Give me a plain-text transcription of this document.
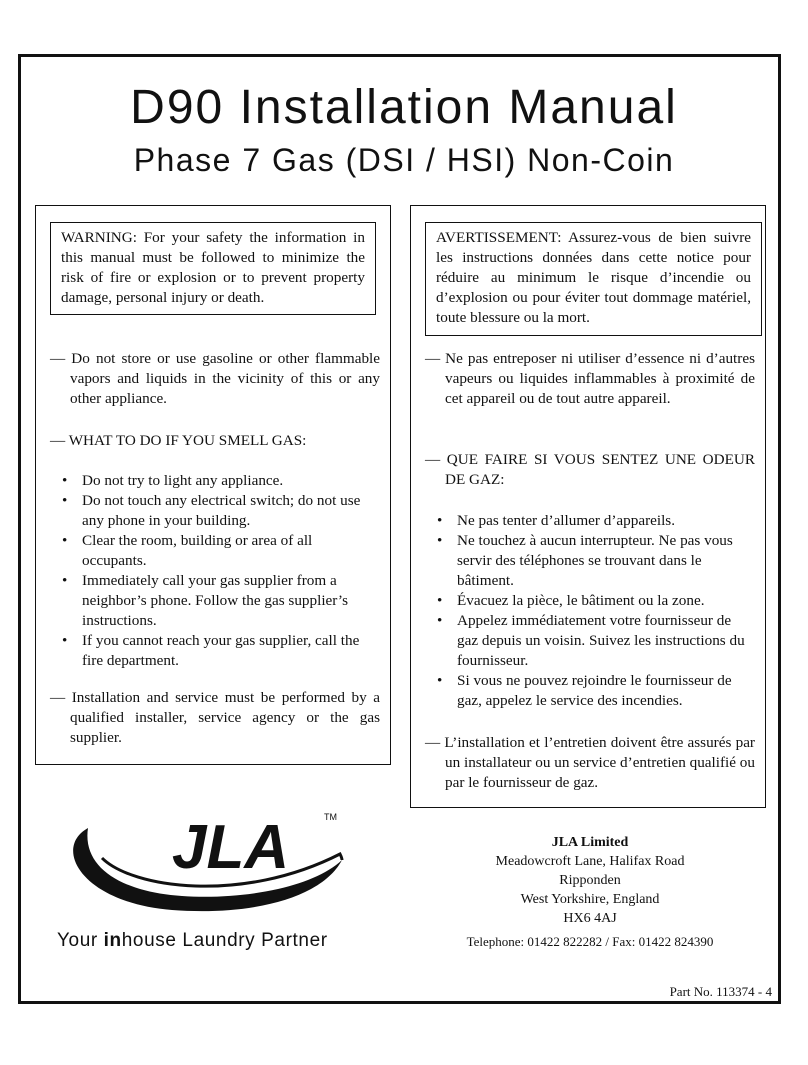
D90 Installation Manual
Phase 7 Gas (DSI / HSI) Non-Coin
WARNING: For your safety the information in this manual must be followed to minimize the risk of fire or explosion or to prevent property damage, personal injury or death.
— Do not store or use gasoline or other flammable vapors and liquids in the vicinity of this or any other appliance.
— WHAT TO DO IF YOU SMELL GAS:
• Do not try to light any appliance.
• Do not touch any electrical switch; do not use any phone in your building.
• Clear the room, building or area of all occupants.
• Immediately call your gas supplier from a neighbor’s phone. Follow the gas supplier’s instructions.
• If you cannot reach your gas supplier, call the fire department.
— Installation and service must be performed by a qualified installer, service agency or the gas supplier.
AVERTISSEMENT: Assurez-vous de bien suivre les instructions données dans cette notice pour réduire au minimum le risque d’incendie ou d’explosion ou pour éviter tout dommage matériel, toute blessure ou la mort.
— Ne pas entreposer ni utiliser d’essence ni d’autres vapeurs ou liquides inflammables à proximité de cet appareil ou de tout autre appareil.
— QUE FAIRE SI VOUS SENTEZ UNE ODEUR DE GAZ:
• Ne pas tenter d’allumer d’appareils.
• Ne touchez à aucun interrupteur. Ne pas vous servir des téléphones se trouvant dans le bâtiment.
• Évacuez la pièce, le bâtiment ou la zone.
• Appelez immédiatement votre fournisseur de gaz depuis un voisin. Suivez les instructions du fournisseur.
• Si vous ne pouvez rejoindre le fournisseur de gaz, appelez le service des incendies.
— L’installation et l’entretien doivent être assurés par un installateur ou un service d’entretien qualifié ou par le fournisseur de gaz.
JLA	TM
Your inhouse Laundry Partner
JLA Limited
Meadowcroft Lane, Halifax Road
Ripponden
West Yorkshire, England
HX6 4AJ
Telephone: 01422 822282 / Fax: 01422 824390
Part No. 113374 - 4
